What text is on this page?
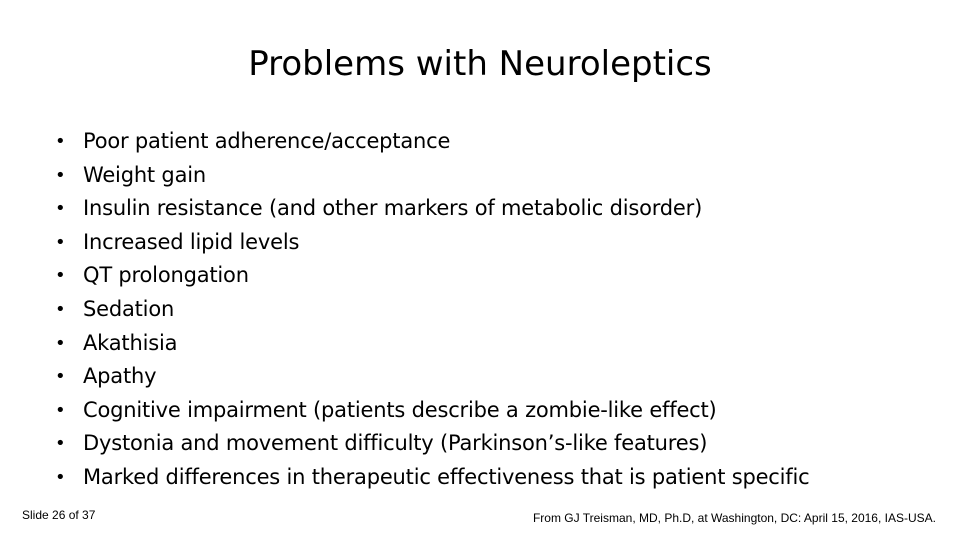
Problems with Neuroleptics
• Poor patient adherence/acceptance
• Weight gain
• Insulin resistance (and other markers of metabolic disorder)
• Increased lipid levels
• QT prolongation
• Sedation
• Akathisia
• Apathy
• Cognitive impairment (patients describe a zombie-like effect)
• Dystonia and movement difficulty (Parkinson’s-like features)
• Marked differences in therapeutic effectiveness that is patient specific
Slide 26 of 37	From GJ Treisman, MD, Ph.D, at Washington, DC: April 15, 2016, IAS-USA.
